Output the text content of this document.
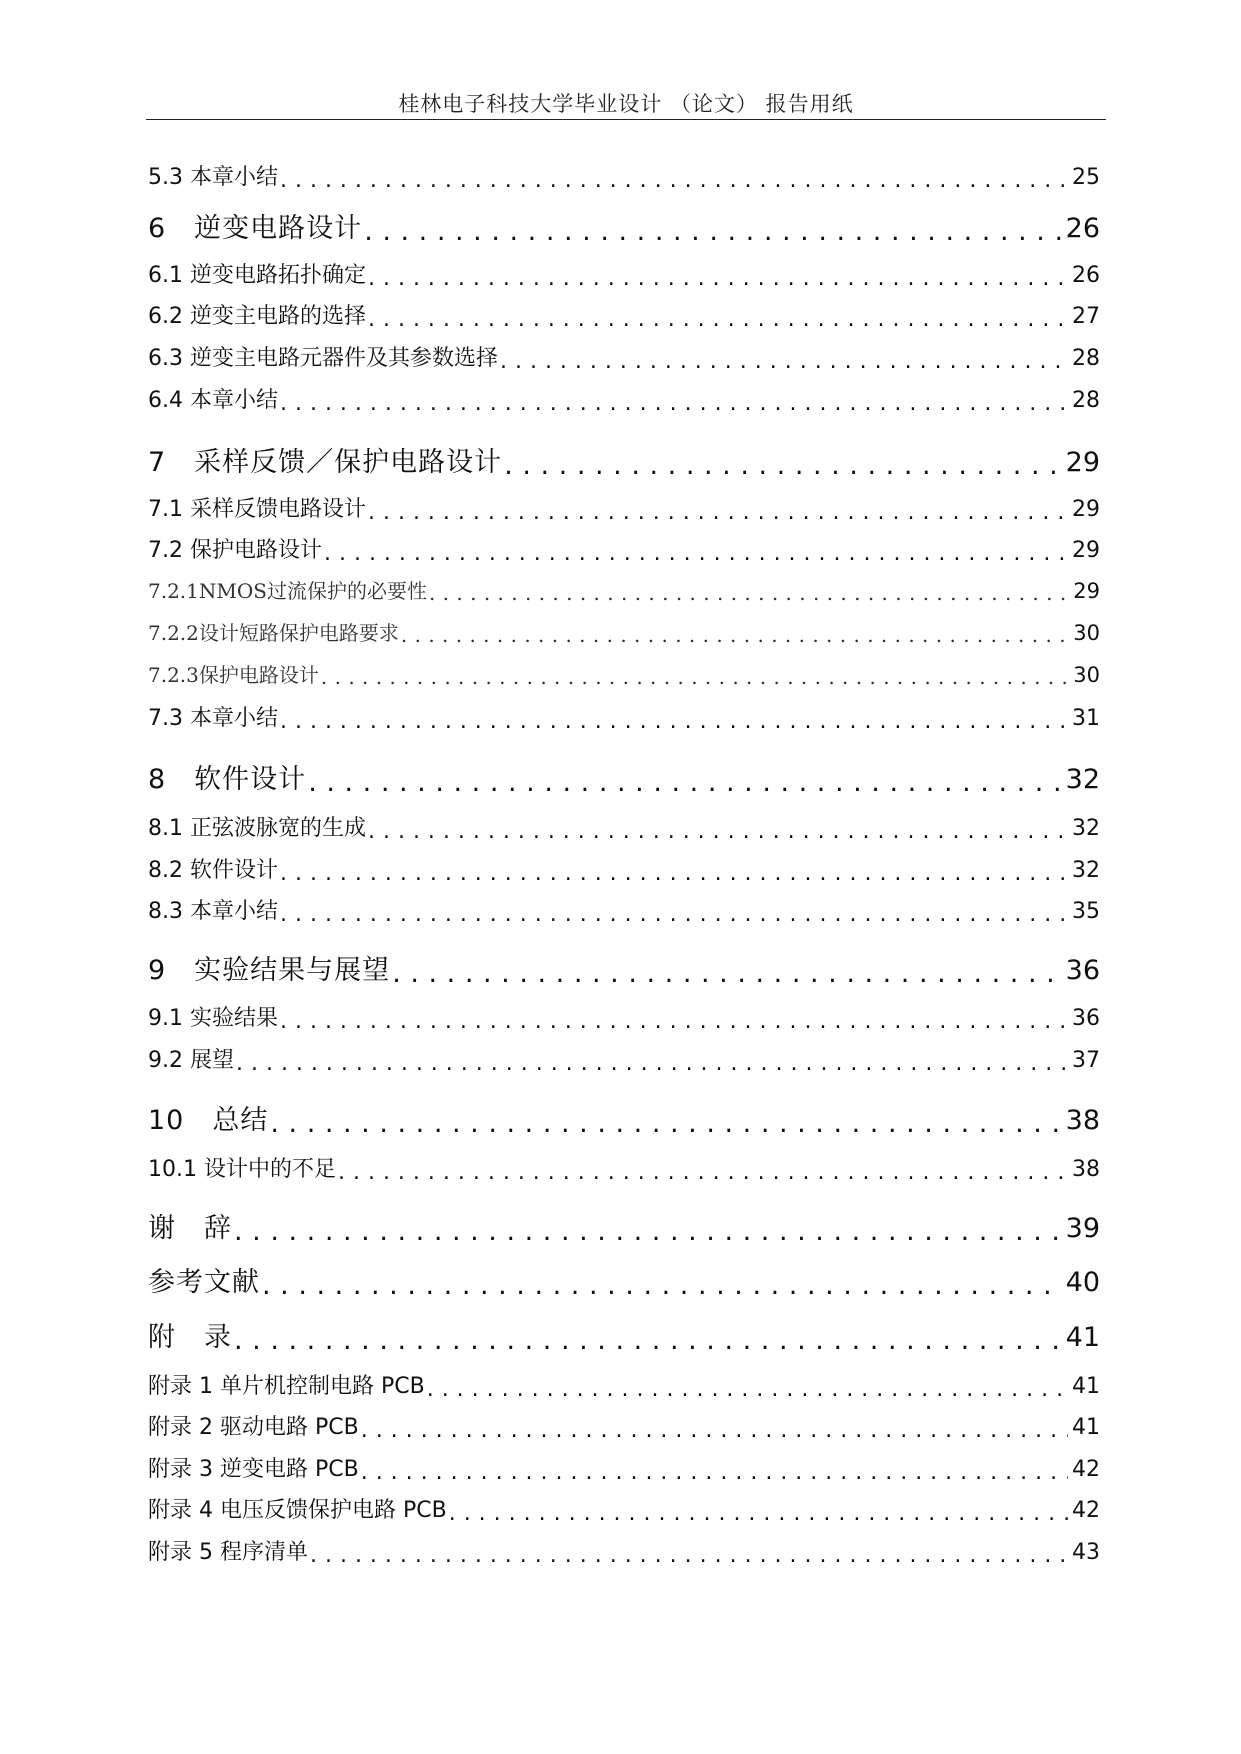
桂林电子科技大学毕业设计 （论文） 报告用纸
5.3 本章小结 . . .	25
6　逆变电路设计 . . .	26
6.1 逆变电路拓扑确定 . . .	26
6.2 逆变主电路的选择 . . .	27
6.3 逆变主电路元器件及其参数选择 . . .	28
6.4 本章小结 . . .	28
7　采样反馈／保护电路设计 . . .	29
7.1 采样反馈电路设计 . . .	29
7.2 保护电路设计 . . .	29
7.2.1NMOS过流保护的必要性 . . .	29
7.2.2设计短路保护电路要求 . . .	30
7.2.3保护电路设计 . . .	30
7.3 本章小结 . . .	31
8　软件设计 . . .	32
8.1 正弦波脉宽的生成 . . .	32
8.2 软件设计 . . .	32
8.3 本章小结 . . .	35
9　实验结果与展望 . . .	36
9.1 实验结果 . . .	36
9.2 展望 . . .	37
10　总结 . . .	38
10.1 设计中的不足 . . .	38
谢　辞 . . .	39
参考文献 . . .	40
附　录 . . .	41
附录 1 单片机控制电路 PCB . . .	41
附录 2 驱动电路 PCB . . .	41
附录 3 逆变电路 PCB . . .	42
附录 4 电压反馈保护电路 PCB . . .	42
附录 5 程序清单 . . .	43
